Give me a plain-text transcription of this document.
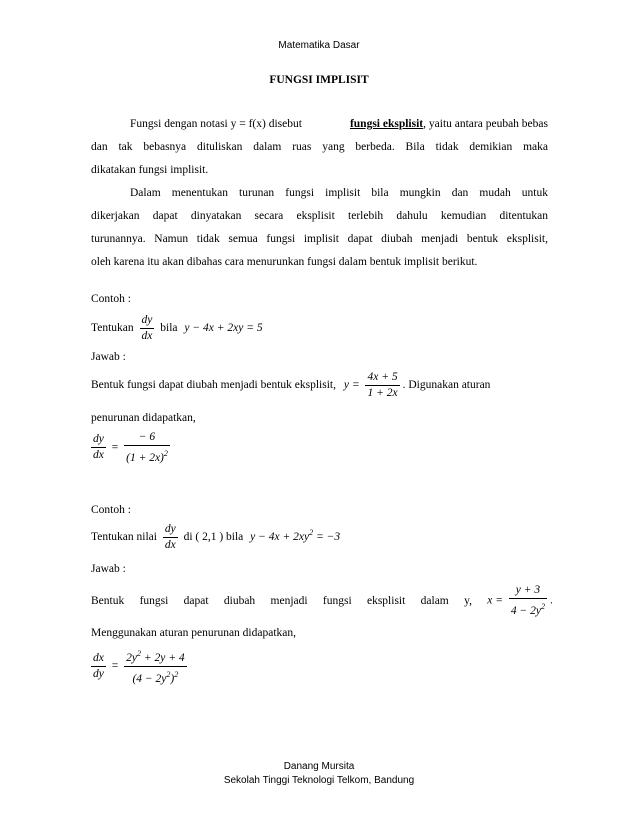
Matematika Dasar
FUNGSI IMPLISIT
Fungsi dengan notasi y = f(x) disebut	fungsi eksplisit, yaitu antara peubah bebas
dan tak bebasnya dituliskan dalam ruas yang berbeda. Bila tidak demikian maka
dikatakan fungsi implisit.
Dalam menentukan turunan fungsi implisit bila mungkin dan mudah untuk
dikerjakan dapat dinyatakan secara eksplisit terlebih dahulu kemudian ditentukan
turunannya. Namun tidak semua fungsi implisit dapat diubah menjadi bentuk eksplisit,
oleh karena itu akan dibahas cara menurunkan fungsi dalam bentuk implisit berikut.
Contoh :
Tentukan $\frac{dy}{dx}$ bila y − 4x + 2xy = 5
Jawab :
Bentuk fungsi dapat diubah menjadi bentuk eksplisit, $y = \frac{4x + 5}{1 + 2x}$ . Digunakan aturan
penurunan didapatkan,
$\frac{dy}{dx} = \frac{- 6}{(1 + 2x)^2}$
Contoh :
Tentukan nilai $\frac{dy}{dx}$ di ( 2,1 ) bila $y - 4x + 2xy^2 = -3$
Jawab :
Bentuk fungsi dapat diubah menjadi fungsi eksplisit dalam y, $x = \frac{y + 3}{4 - 2y^2}$ .
Menggunakan aturan penurunan didapatkan,
$\frac{dx}{dy} = \frac{2y^2 + 2y + 4}{(4 - 2y^2)^2}$
Danang Mursita
Sekolah Tinggi Teknologi Telkom, Bandung
